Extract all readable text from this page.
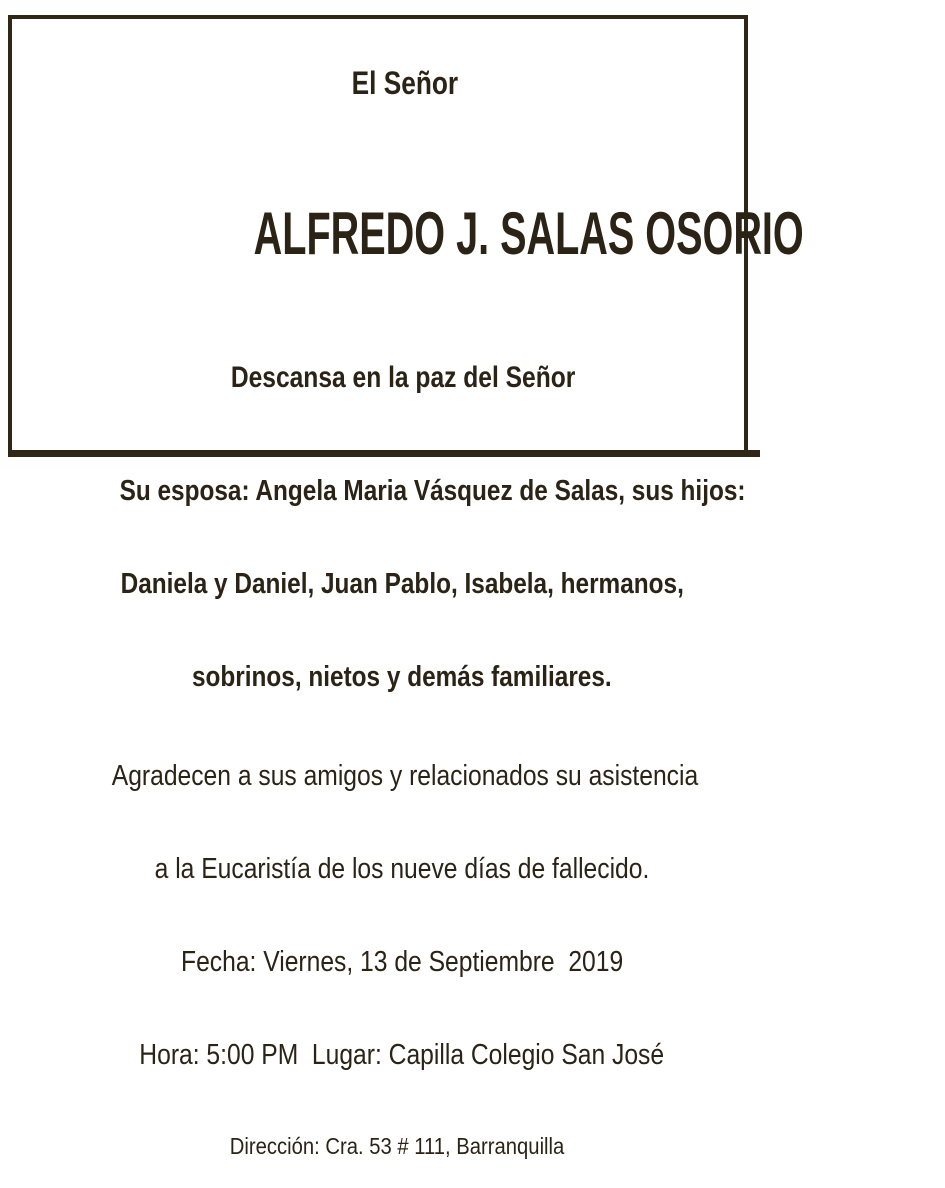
El Señor

ALFREDO J. SALAS OSORIO

Descansa en la paz del Señor

Su esposa: Angela Maria Vásquez de Salas, sus hijos:

Daniela y Daniel, Juan Pablo, Isabela, hermanos,

sobrinos, nietos y demás familiares.

Agradecen a sus amigos y relacionados su asistencia

a la Eucaristía de los nueve días de fallecido.

Fecha: Viernes, 13 de Septiembre  2019

Hora: 5:00 PM  Lugar: Capilla Colegio San José

Dirección: Cra. 53 # 111, Barranquilla
